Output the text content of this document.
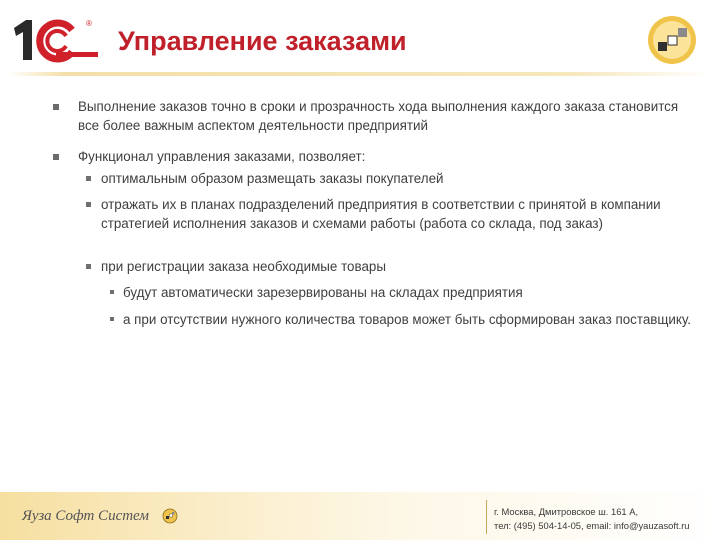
®
Управление заказами
Выполнение заказов точно в сроки и прозрачность хода выполнения каждого заказа становится все более важным аспектом деятельности предприятий
Функционал управления заказами, позволяет:
оптимальным образом размещать заказы покупателей
отражать их в планах подразделений предприятия в соответствии с принятой в компании стратегией исполнения заказов и схемами работы (работа со склада, под заказ)
при регистрации заказа необходимые товары
будут автоматически зарезервированы на складах предприятия
а при отсутствии нужного количества товаров может быть сформирован заказ поставщику.
Яуза Софт Систем	г. Москва, Дмитровское ш. 161 А,
тел: (495) 504-14-05, email: info@yauzasoft.ru
